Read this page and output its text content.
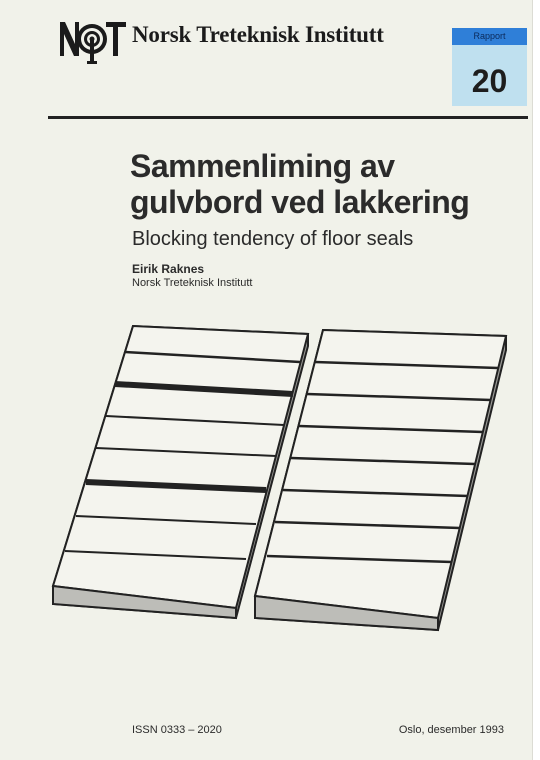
Norsk Treteknisk Institutt	Rapport
20
Sammenliming av
gulvbord ved lakkering
Blocking tendency of floor seals
Eirik Raknes
Norsk Treteknisk Institutt
ISSN 0333 – 2020	Oslo, desember 1993
